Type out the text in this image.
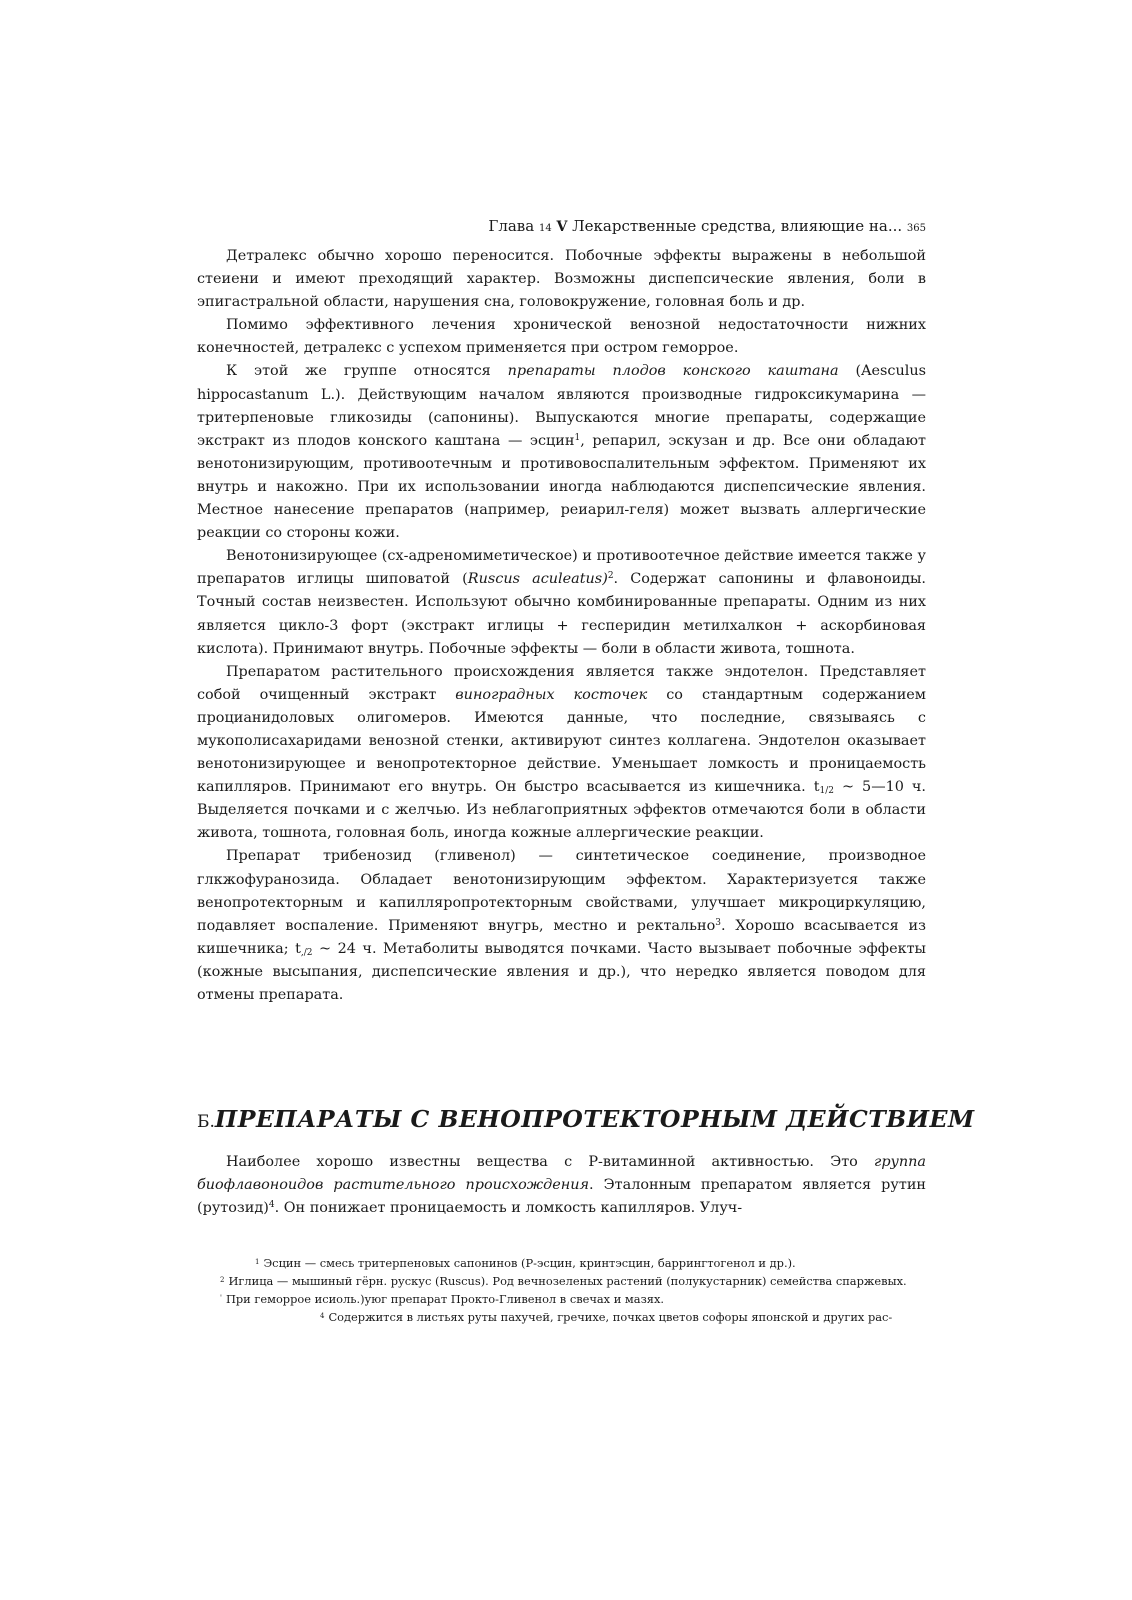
Глава 14 V Лекарственные средства, влияющие на... 365

Детралекс обычно хорошо переносится. Побочные эффекты выражены в небольшой стеиени и имеют преходящий характер. Возможны диспепсические явления, боли в эпигастральной области, нарушения сна, головокружение, головная боль и др.

Помимо эффективного лечения хронической венозной недостаточности нижних конечностей, детралекс с успехом применяется при остром геморрое.

К этой же группе относятся препараты плодов конского каштана (Aesculus hippocastanum L.). Действующим началом являются производные гидроксикумарина — тритерпеновые гликозиды (сапонины). Выпускаются многие препараты, содержащие экстракт из плодов конского каштана — эсцин$^1$, репарил, эскузан и др. Все они обладают венотонизирующим, противоотечным и противовоспалительным эффектом. Применяют их внутрь и накожно. При их использовании иногда наблюдаются диспепсические явления. Местное нанесение препаратов (например, реиарил-геля) может вызвать аллергические реакции со стороны кожи.

Венотонизирующее (сх-адреномиметическое) и противоотечное действие имеется также у препаратов иглицы шиповатой (Ruscus aculeatus)$^2$. Содержат сапонины и флавоноиды. Точный состав неизвестен. Используют обычно комбинированные препараты. Одним из них является цикло-3 форт (экстракт иглицы + гесперидин метилхалкон + аскорбиновая кислота). Принимают внутрь. Побочные эффекты — боли в области живота, тошнота.

Препаратом растительного происхождения является также эндотелон. Представляет собой очищенный экстракт виноградных косточек со стандартным содержанием процианидоловых олигомеров. Имеются данные, что последние, связываясь с мукополисахаридами венозной стенки, активируют синтез коллагена. Эндотелон оказывает венотонизирующее и венопротекторное действие. Уменьшает ломкость и проницаемость капилляров. Принимают его внутрь. Он быстро всасывается из кишечника. $t_{1/2}$ ~ 5—10 ч. Выделяется почками и с желчью. Из неблагоприятных эффектов отмечаются боли в области живота, тошнота, головная боль, иногда кожные аллергические реакции.

Препарат трибенозид (гливенол) — синтетическое соединение, производное глкжофуранозида. Обладает венотонизирующим эффектом. Характеризуется также венопротекторным и капилляропротекторным свойствами, улучшает микроциркуляцию, подавляет воспаление. Применяют внугрь, местно и ректально$^3$. Хорошо всасывается из кишечника; $t_{,/2}$ ~ 24 ч. Метаболиты выводятся почками. Часто вызывает побочные эффекты (кожные высыпания, диспепсические явления и др.), что нередко является поводом для отмены препарата.

Б.ПРЕПАРАТЫ С ВЕНОПРОТЕКТОРНЫМ ДЕЙСТВИЕМ

Наиболее хорошо известны вещества с Р-витаминной активностью. Это группа биофлавоноидов растительного происхождения. Эталонным препаратом является рутин (рутозид)$^4$. Он понижает проницаемость и ломкость капилляров. Улуч-

$^1$ Эсцин — смесь тритерпеновых сапонинов (Р-эсцин, кринтэсцин, баррингтогенол и др.).

$^2$ Иглица — мышиный гёрн. рускус (Ruscus). Род вечнозеленых растений (полукустарник) семейства спаржевых.

' При геморрое исиоль.)уюг препарат Прокто-Гливенол в свечах и мазях.

$^4$ Содержится в листьях руты пахучей, гречихе, почках цветов софоры японской и других рас-
